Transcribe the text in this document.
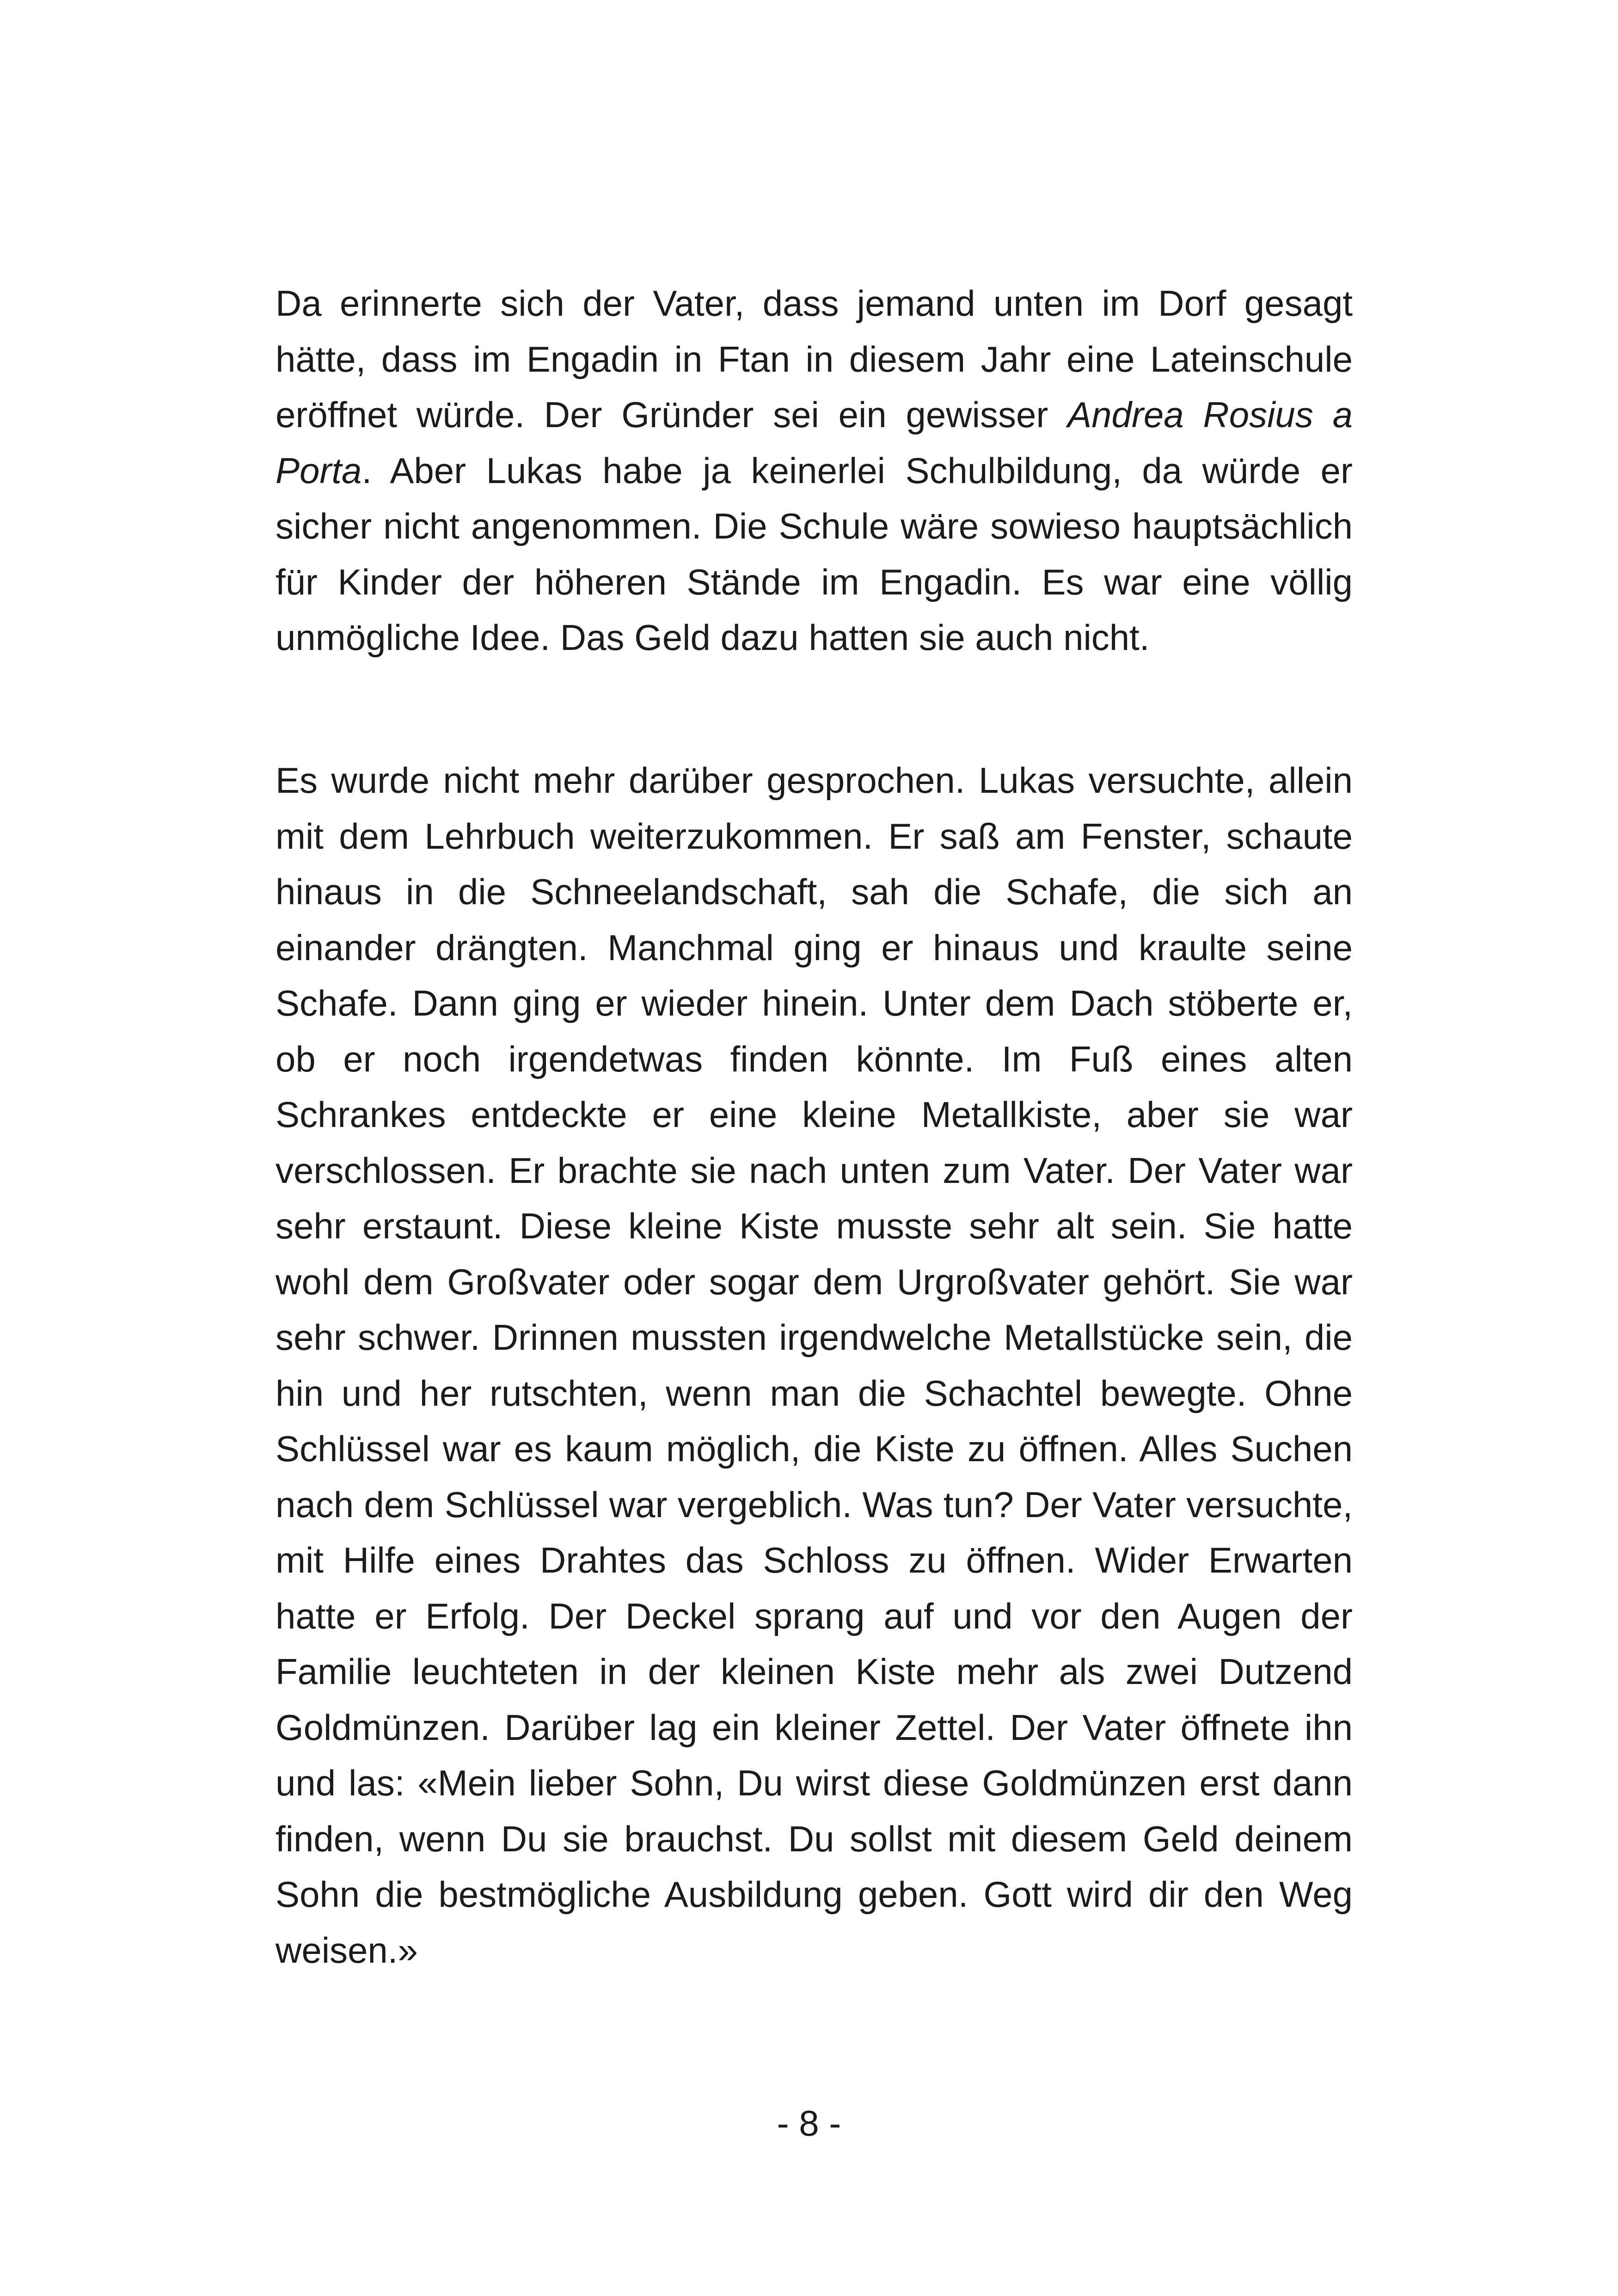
Da erinnerte sich der Vater, dass jemand unten im Dorf gesagt hätte, dass im Engadin in Ftan in diesem Jahr eine Lateinschule eröffnet würde. Der Gründer sei ein gewisser Andrea Rosius a Porta. Aber Lukas habe ja keinerlei Schulbildung, da würde er sicher nicht angenommen. Die Schule wäre sowieso hauptsächlich für Kinder der höheren Stände im Engadin. Es war eine völlig unmögliche Idee. Das Geld dazu hatten sie auch nicht.

Es wurde nicht mehr darüber gesprochen. Lukas versuchte, allein mit dem Lehrbuch weiterzukommen. Er saß am Fenster, schaute hinaus in die Schneelandschaft, sah die Schafe, die sich an einander drängten. Manchmal ging er hinaus und kraulte seine Schafe. Dann ging er wieder hinein. Unter dem Dach stöberte er, ob er noch irgendetwas finden könnte. Im Fuß eines alten Schrankes entdeckte er eine kleine Metallkiste, aber sie war verschlossen. Er brachte sie nach unten zum Vater. Der Vater war sehr erstaunt. Diese kleine Kiste musste sehr alt sein. Sie hatte wohl dem Großvater oder sogar dem Urgroßvater gehört. Sie war sehr schwer. Drinnen mussten irgendwelche Metallstücke sein, die hin und her rutschten, wenn man die Schachtel bewegte. Ohne Schlüssel war es kaum möglich, die Kiste zu öffnen. Alles Suchen nach dem Schlüssel war vergeblich. Was tun? Der Vater versuchte, mit Hilfe eines Drahtes das Schloss zu öffnen. Wider Erwarten hatte er Erfolg. Der Deckel sprang auf und vor den Augen der Familie leuchteten in der kleinen Kiste mehr als zwei Dutzend Goldmünzen. Darüber lag ein kleiner Zettel. Der Vater öffnete ihn und las: «Mein lieber Sohn, Du wirst diese Goldmünzen erst dann finden, wenn Du sie brauchst. Du sollst mit diesem Geld deinem Sohn die bestmögliche Ausbildung geben. Gott wird dir den Weg weisen.»

- 8 -
